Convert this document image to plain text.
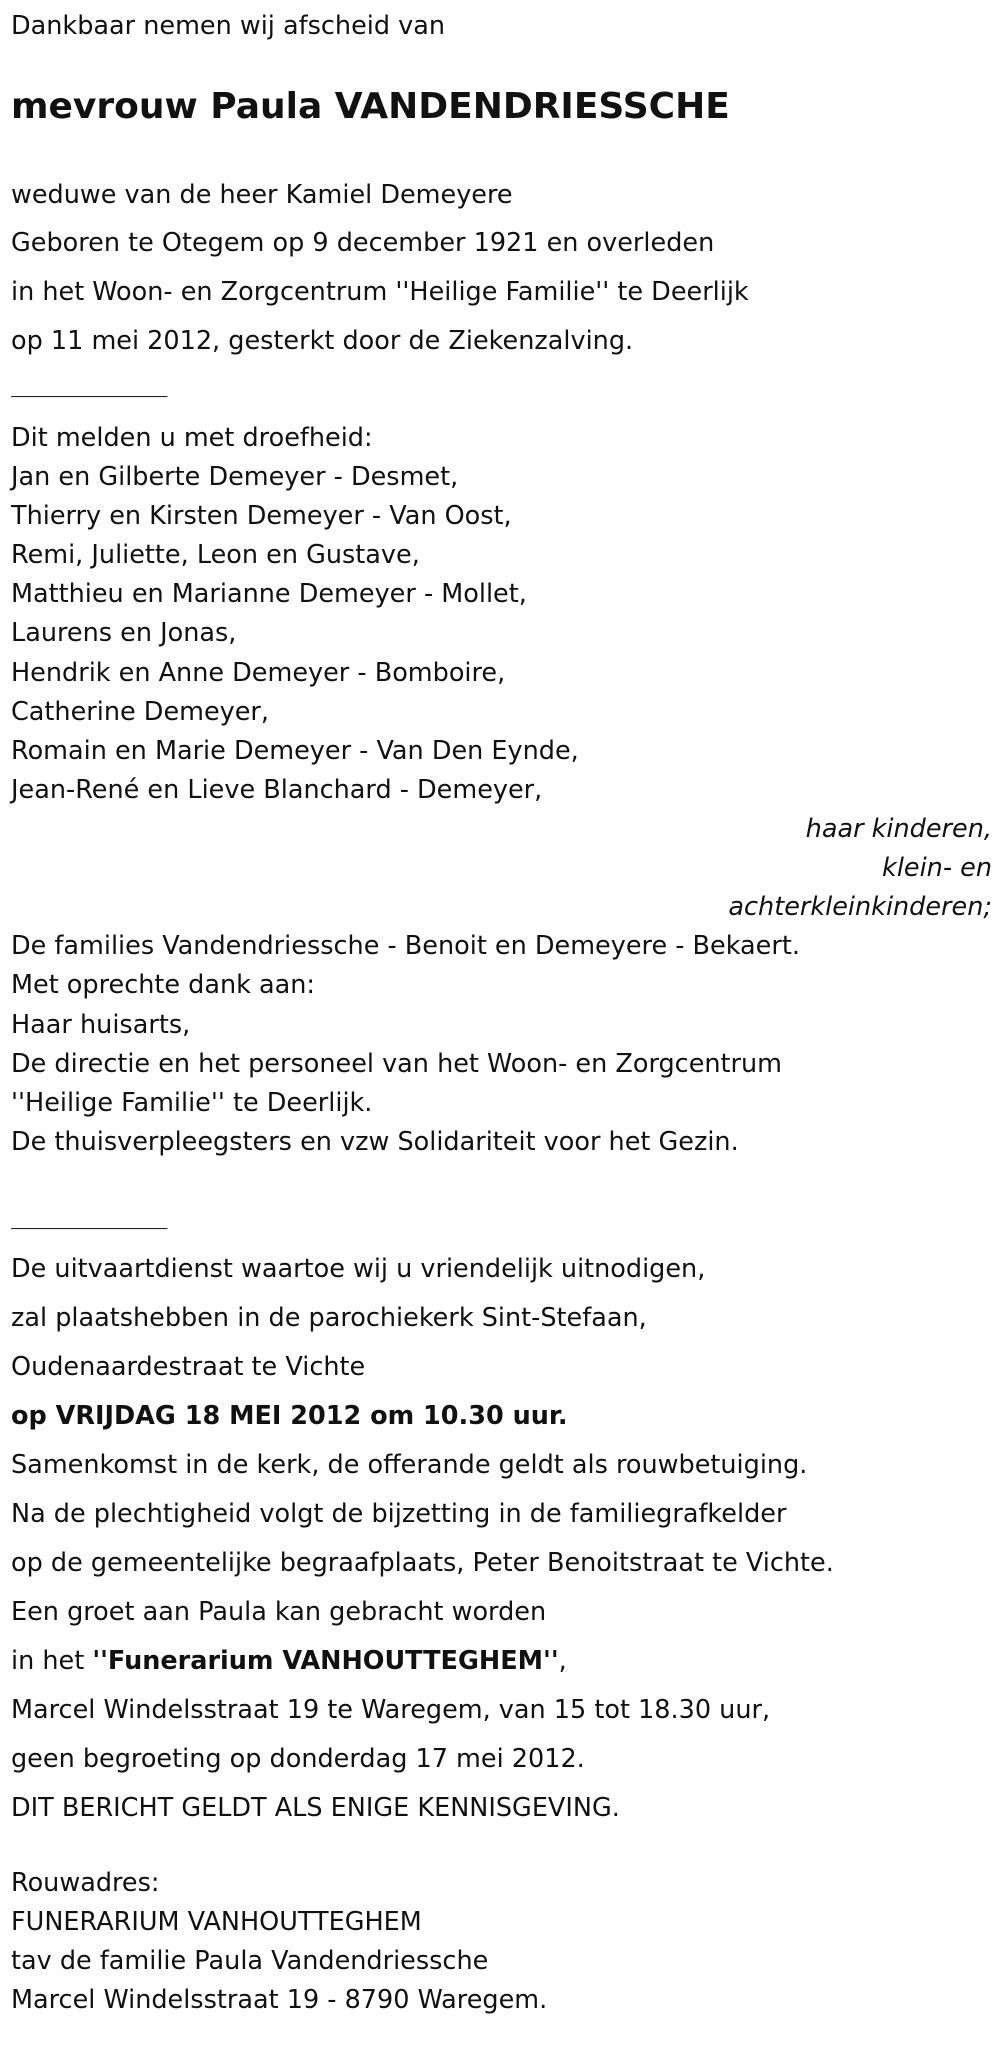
Dankbaar nemen wij afscheid van

mevrouw Paula VANDENDRIESSCHE

weduwe van de heer Kamiel Demeyere

Geboren te Otegem op 9 december 1921 en overleden

in het Woon- en Zorgcentrum ''Heilige Familie'' te Deerlijk

op 11 mei 2012, gesterkt door de Ziekenzalving.

Dit melden u met droefheid:

Jan en Gilberte Demeyer - Desmet,

Thierry en Kirsten Demeyer - Van Oost,

Remi, Juliette, Leon en Gustave,

Matthieu en Marianne Demeyer - Mollet,

Laurens en Jonas,

Hendrik en Anne Demeyer - Bomboire,

Catherine Demeyer,

Romain en Marie Demeyer - Van Den Eynde,

Jean-René en Lieve Blanchard - Demeyer,

haar kinderen,

klein- en

achterkleinkinderen;

De families Vandendriessche - Benoit en Demeyere - Bekaert.

Met oprechte dank aan:

Haar huisarts,

De directie en het personeel van het Woon- en Zorgcentrum

''Heilige Familie'' te Deerlijk.

De thuisverpleegsters en vzw Solidariteit voor het Gezin.

De uitvaartdienst waartoe wij u vriendelijk uitnodigen,

zal plaatshebben in de parochiekerk Sint-Stefaan,

Oudenaardestraat te Vichte

op VRIJDAG 18 MEI 2012 om 10.30 uur.

Samenkomst in de kerk, de offerande geldt als rouwbetuiging.

Na de plechtigheid volgt de bijzetting in de familiegrafkelder

op de gemeentelijke begraafplaats, Peter Benoitstraat te Vichte.

Een groet aan Paula kan gebracht worden

in het ''Funerarium VANHOUTTEGHEM'',

Marcel Windelsstraat 19 te Waregem, van 15 tot 18.30 uur,

geen begroeting op donderdag 17 mei 2012.

DIT BERICHT GELDT ALS ENIGE KENNISGEVING.

Rouwadres:

FUNERARIUM VANHOUTTEGHEM

tav de familie Paula Vandendriessche

Marcel Windelsstraat 19 - 8790 Waregem.
